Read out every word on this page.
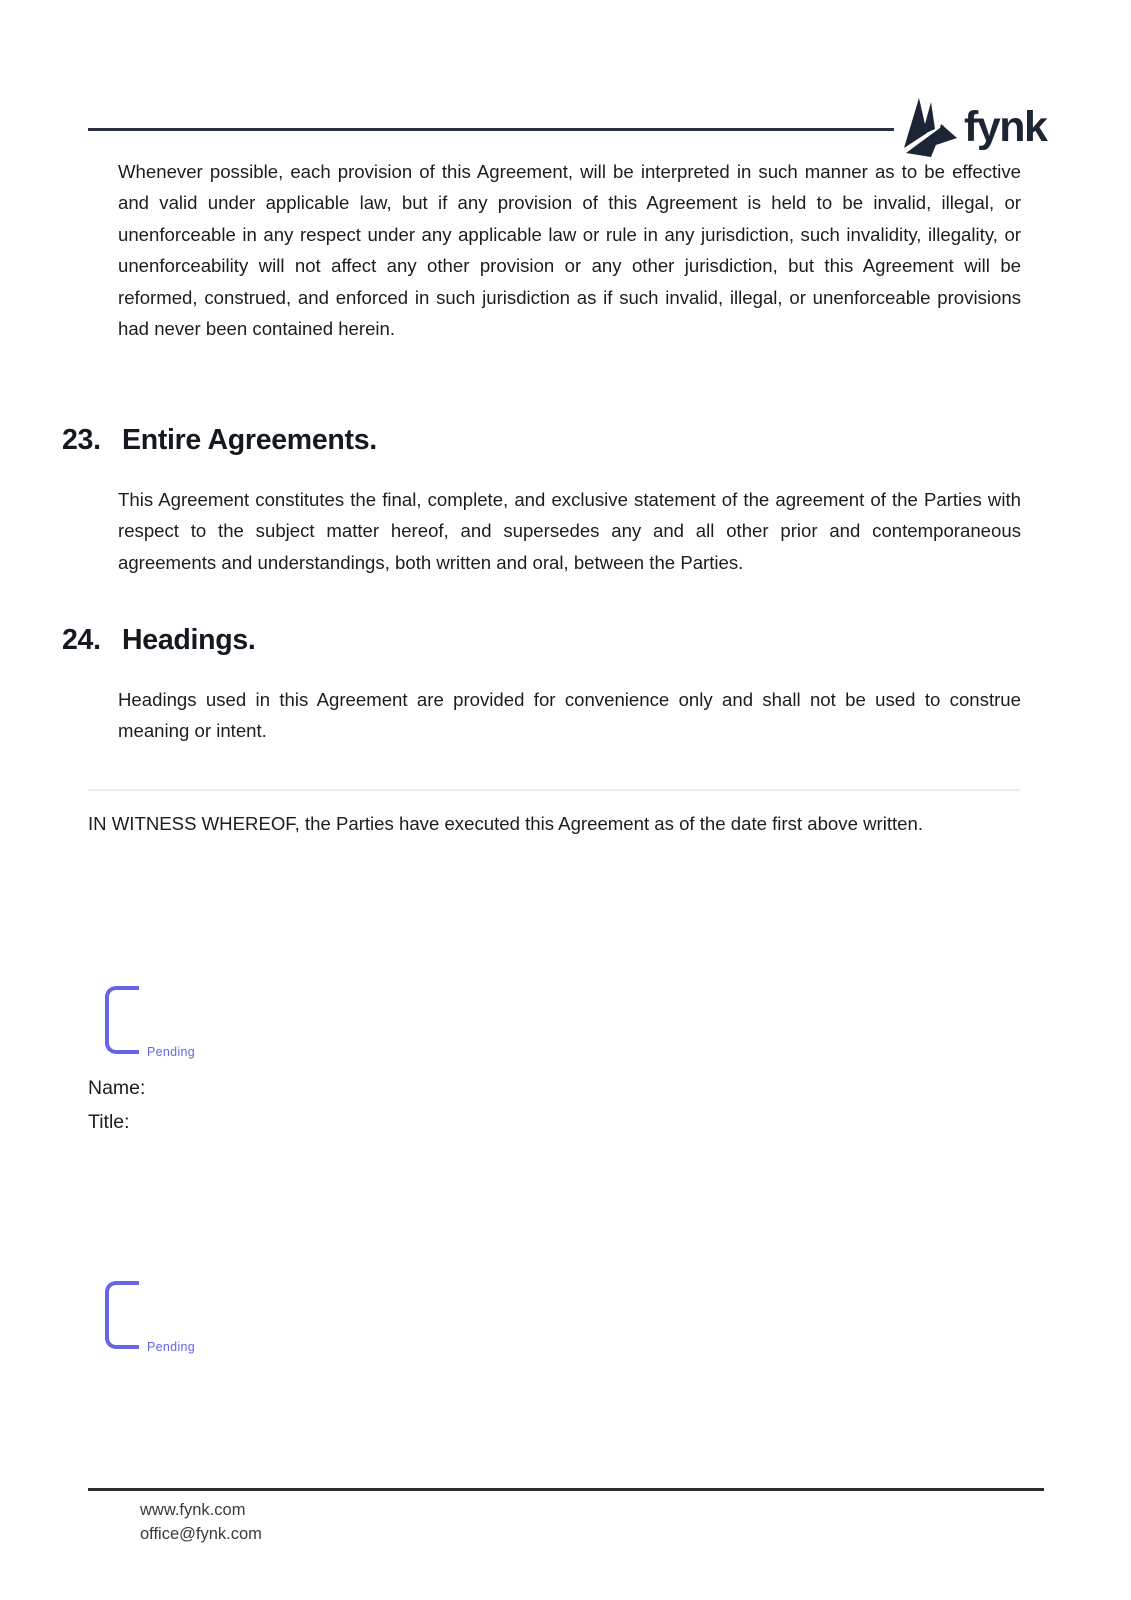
fynk

Whenever possible, each provision of this Agreement, will be interpreted in such manner as to be effective and valid under applicable law, but if any provision of this Agreement is held to be invalid, illegal, or unenforceable in any respect under any applicable law or rule in any jurisdiction, such invalidity, illegality, or unenforceability will not affect any other provision or any other jurisdiction, but this Agreement will be reformed, construed, and enforced in such jurisdiction as if such invalid, illegal, or unenforceable provisions had never been contained herein.

23. Entire Agreements.

This Agreement constitutes the final, complete, and exclusive statement of the agreement of the Parties with respect to the subject matter hereof, and supersedes any and all other prior and contemporaneous agreements and understandings, both written and oral, between the Parties.

24. Headings.

Headings used in this Agreement are provided for convenience only and shall not be used to construe meaning or intent.

IN WITNESS WHEREOF, the Parties have executed this Agreement as of the date first above written.

Pending
Name:
Title:
Pending
www.fynk.com
office@fynk.com
